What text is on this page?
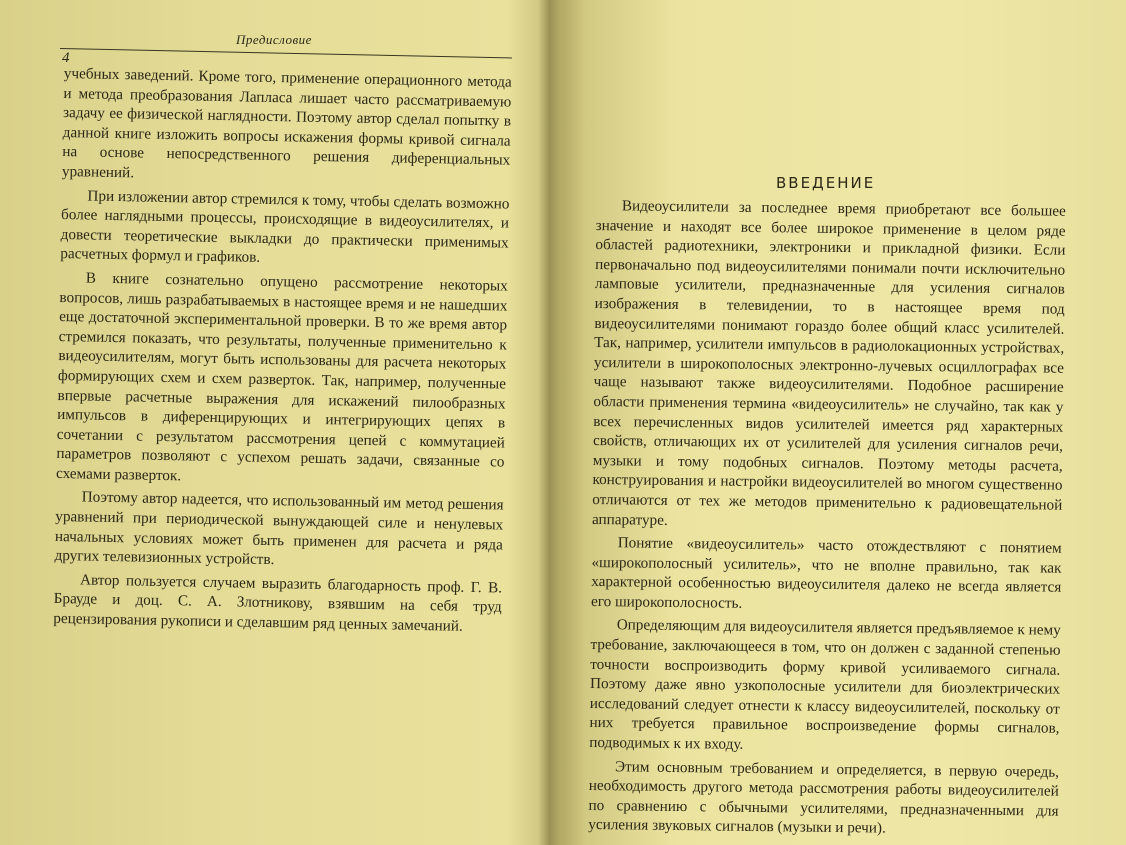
Предисловие
4

учебных заведений. Кроме того, применение операционного метода и метода преобразования Лапласа лишает часто рассматриваемую задачу ее физической наглядности. Поэтому автор сделал попытку в данной книге изложить вопросы искажения формы кривой сигнала на основе непосредственного решения диференциальных уравнений.

При изложении автор стремился к тому, чтобы сделать возможно более наглядными процессы, происходящие в видеоусилителях, и довести теоретические выкладки до практически применимых расчетных формул и графиков.

В книге сознательно опущено рассмотрение некоторых вопросов, лишь разрабатываемых в настоящее время и не нашедших еще достаточной экспериментальной проверки. В то же время автор стремился показать, что результаты, полученные применительно к видеоусилителям, могут быть использованы для расчета некоторых формирующих схем и схем разверток. Так, например, полученные впервые расчетные выражения для искажений пилообразных импульсов в диференцирующих и интегрирующих цепях в сочетании с результатом рассмотрения цепей с коммутацией параметров позволяют с успехом решать задачи, связанные со схемами разверток.

Поэтому автор надеется, что использованный им метод решения уравнений при периодической вынуждающей силе и ненулевых начальных условиях может быть применен для расчета и ряда других телевизионных устройств.

Автор пользуется случаем выразить благодарность проф. Г. В. Брауде и доц. С. А. Злотникову, взявшим на себя труд рецензирования рукописи и сделавшим ряд ценных замечаний.

ВВЕДЕНИЕ

Видеоусилители за последнее время приобретают все большее значение и находят все более широкое применение в целом ряде областей радиотехники, электроники и прикладной физики. Если первоначально под видеоусилителями понимали почти исключительно ламповые усилители, предназначенные для усиления сигналов изображения в телевидении, то в настоящее время под видеоусилителями понимают гораздо более общий класс усилителей. Так, например, усилители импульсов в радиолокационных устройствах, усилители в широкополосных электронно-лучевых осциллографах все чаще называют также видеоусилителями. Подобное расширение области применения термина «видеоусилитель» не случайно, так как у всех перечисленных видов усилителей имеется ряд характерных свойств, отличающих их от усилителей для усиления сигналов речи, музыки и тому подобных сигналов. Поэтому методы расчета, конструирования и настройки видеоусилителей во многом существенно отличаются от тех же методов применительно к радиовещательной аппаратуре.

Понятие «видеоусилитель» часто отождествляют с понятием «широкополосный усилитель», что не вполне правильно, так как характерной особенностью видеоусилителя далеко не всегда является его широкополосность.

Определяющим для видеоусилителя является предъявляемое к нему требование, заключающееся в том, что он должен с заданной степенью точности воспроизводить форму кривой усиливаемого сигнала. Поэтому даже явно узкополосные усилители для биоэлектрических исследований следует отнести к классу видеоусилителей, поскольку от них требуется правильное воспроизведение формы сигналов, подводимых к их входу.

Этим основным требованием и определяется, в первую очередь, необходимость другого метода рассмотрения работы видеоусилителей по сравнению с обычными усилителями, предназначенными для усиления звуковых сигналов (музыки и речи).
